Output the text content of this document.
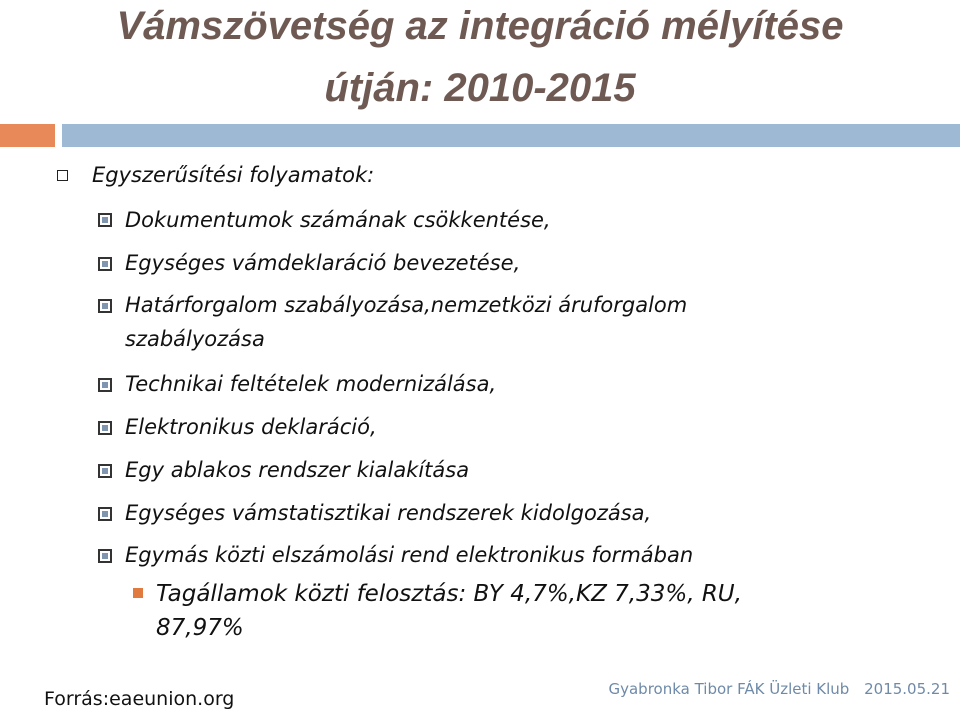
Vámszövetség az integráció mélyítése
útján: 2010-2015
Egyszerűsítési folyamatok:
Dokumentumok számának csökkentése,
Egységes vámdeklaráció bevezetése,
Határforgalom szabályozása,nemzetközi áruforgalom
szabályozása
Technikai feltételek modernizálása,
Elektronikus deklaráció,
Egy ablakos rendszer kialakítása
Egységes vámstatisztikai rendszerek kidolgozása,
Egymás közti elszámolási rend elektronikus formában
Tagállamok közti felosztás: BY 4,7%,KZ 7,33%, RU,
87,97%
Forrás:eaeunion.org	Gyabronka Tibor FÁK Üzleti Klub 2015.05.21
